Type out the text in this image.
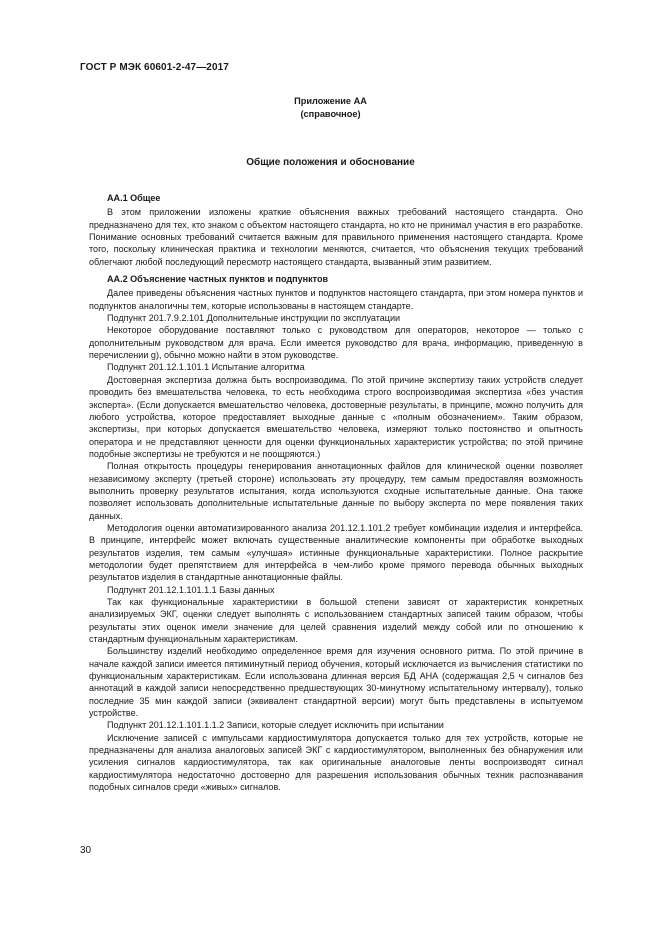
ГОСТ Р МЭК 60601-2-47—2017
Приложение АА
(справочное)
Общие положения и обоснование
АА.1 Общее

В этом приложении изложены краткие объяснения важных требований настоящего стандарта. Оно предназначено для тех, кто знаком с объектом настоящего стандарта, но кто не принимал участия в его разработке. Понимание основных требований считается важным для правильного применения настоящего стандарта. Кроме того, поскольку клиническая практика и технологии меняются, считается, что объяснения текущих требований облегчают любой последующий пересмотр настоящего стандарта, вызванный этим развитием.

АА.2 Объяснение частных пунктов и подпунктов

Далее приведены объяснения частных пунктов и подпунктов настоящего стандарта, при этом номера пунктов и подпунктов аналогичны тем, которые использованы в настоящем стандарте.

Подпункт 201.7.9.2.101 Дополнительные инструкции по эксплуатации

Некоторое оборудование поставляют только с руководством для операторов, некоторое — только с дополнительным руководством для врача. Если имеется руководство для врача, информацию, приведенную в перечислении g), обычно можно найти в этом руководстве.

Подпункт 201.12.1.101.1 Испытание алгоритма

Достоверная экспертиза должна быть воспроизводима. По этой причине экспертизу таких устройств следует проводить без вмешательства человека, то есть необходима строго воспроизводимая экспертиза «без участия эксперта». (Если допускается вмешательство человека, достоверные результаты, в принципе, можно получить для любого устройства, которое предоставляет выходные данные с «полным обозначением». Таким образом, экспертизы, при которых допускается вмешательство человека, измеряют только постоянство и опытность оператора и не представляют ценности для оценки функциональных характеристик устройства; по этой причине подобные экспертизы не требуются и не поощряются.)

Полная открытость процедуры генерирования аннотационных файлов для клинической оценки позволяет независимому эксперту (третьей стороне) использовать эту процедуру, тем самым предоставляя возможность выполнить проверку результатов испытания, когда используются сходные испытательные данные. Она также позволяет использовать дополнительные испытательные данные по выбору эксперта по мере появления таких данных.

Методология оценки автоматизированного анализа 201.12.1.101.2 требует комбинации изделия и интерфейса. В принципе, интерфейс может включать существенные аналитические компоненты при обработке выходных результатов изделия, тем самым «улучшая» истинные функциональные характеристики. Полное раскрытие методологии будет препятствием для интерфейса в чем-либо кроме прямого перевода обычных выходных результатов изделия в стандартные аннотационные файлы.

Подпункт 201.12.1.101.1.1 Базы данных

Так как функциональные характеристики в большой степени зависят от характеристик конкретных анализируемых ЭКГ, оценки следует выполнять с использованием стандартных записей таким образом, чтобы результаты этих оценок имели значение для целей сравнения изделий между собой или по отношению к стандартным функциональным характеристикам.

Большинству изделий необходимо определенное время для изучения основного ритма. По этой причине в начале каждой записи имеется пятиминутный период обучения, который исключается из вычисления статистики по функциональным характеристикам. Если использована длинная версия БД АНА (содержащая 2,5 ч сигналов без аннотаций в каждой записи непосредственно предшествующих 30-минутному испытательному интервалу), только последние 35 мин каждой записи (эквивалент стандартной версии) могут быть представлены в испытуемом устройстве.

Подпункт 201.12.1.101.1.1.2 Записи, которые следует исключить при испытании

Исключение записей с импульсами кардиостимулятора допускается только для тех устройств, которые не предназначены для анализа аналоговых записей ЭКГ с кардиостимулятором, выполненных без обнаружения или усиления сигналов кардиостимулятора, так как оригинальные аналоговые ленты воспроизводят сигнал кардиостимулятора недостаточно достоверно для разрешения использования обычных техник распознавания подобных сигналов среди «живых» сигналов.

30
